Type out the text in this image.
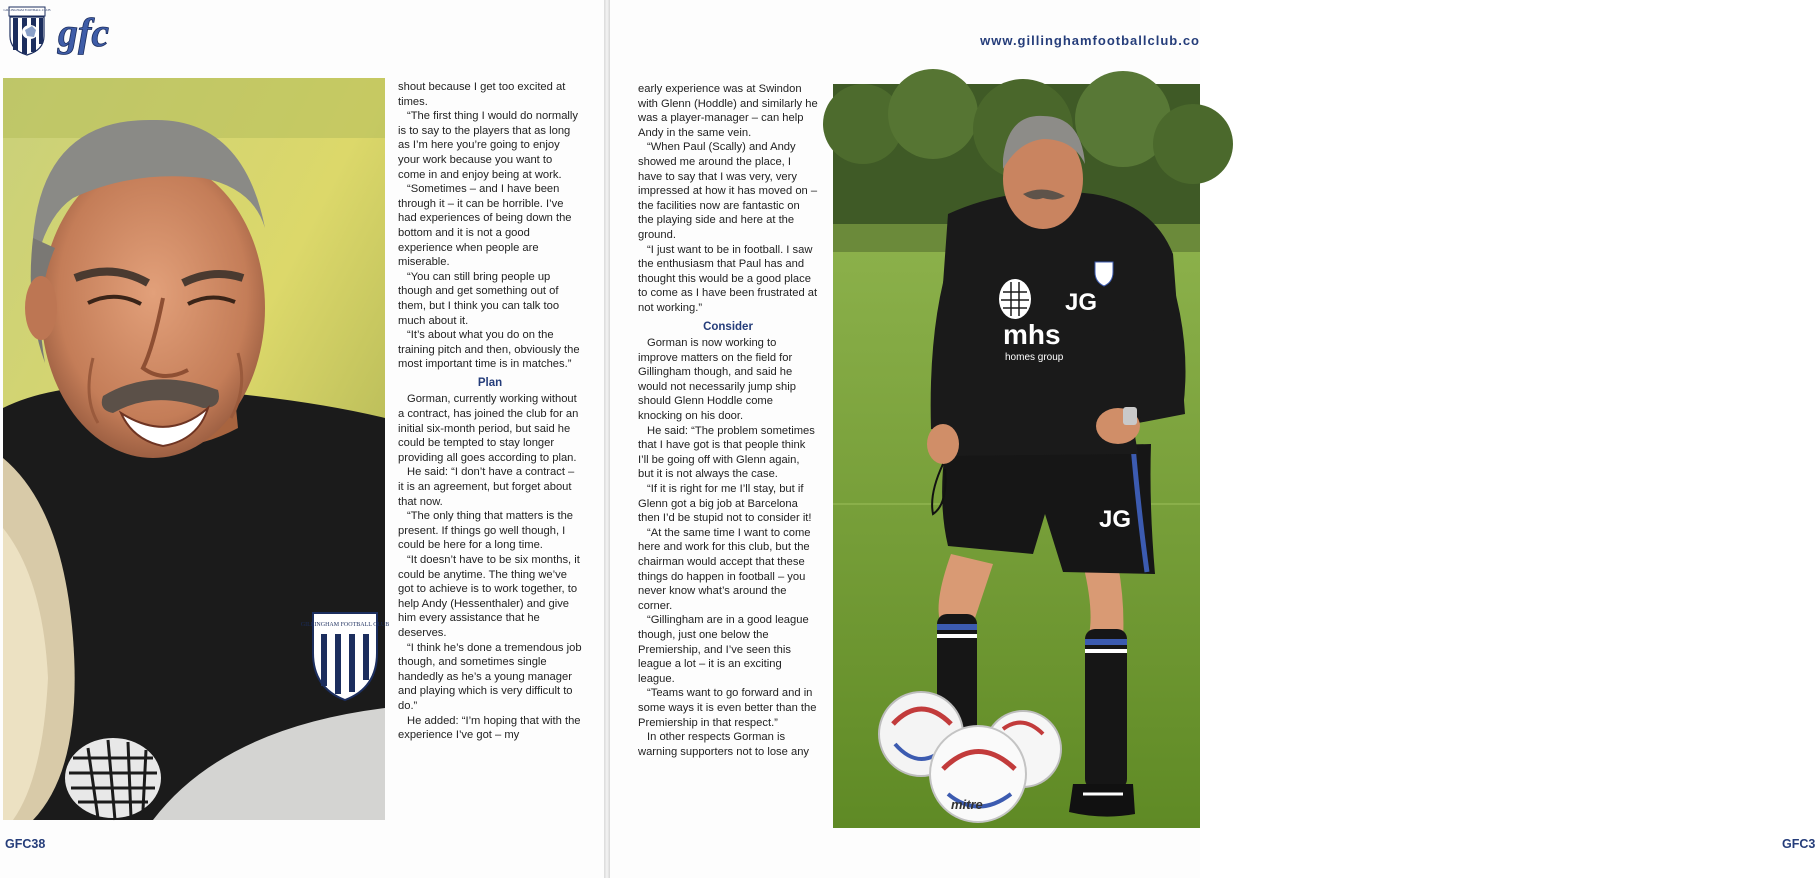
GILLINGHAM FOOTBALL CLUB gfc
GILLINGHAM FOOTBALL CLUB

shout because I get too excited at times.

“The first thing I would do normally is to say to the players that as long as I’m here you’re going to enjoy your work because you want to come in and enjoy being at work.

“Sometimes – and I have been through it – it can be horrible. I’ve had experiences of being down the bottom and it is not a good experience when people are miserable.

“You can still bring people up though and get something out of them, but I think you can talk too much about it.

“It’s about what you do on the training pitch and then, obviously the most important time is in matches.”

Plan

Gorman, currently working without a contract, has joined the club for an initial six-month period, but said he could be tempted to stay longer providing all goes according to plan.

He said: “I don’t have a contract – it is an agreement, but forget about that now.

“The only thing that matters is the present. If things go well though, I could be here for a long time.

“It doesn’t have to be six months, it could be anytime. The thing we’ve got to achieve is to work together, to help Andy (Hessenthaler) and give him every assistance that he deserves.

“I think he’s done a tremendous job though, and sometimes single handedly as he’s a young manager and playing which is very difficult to do.”

He added: “I’m hoping that with the experience I’ve got – my

GFC38
www.gillinghamfootballclub.co
GFC3

early experience was at Swindon with Glenn (Hoddle) and similarly he was a player-manager – can help Andy in the same vein.

“When Paul (Scally) and Andy showed me around the place, I have to say that I was very, very impressed at how it has moved on – the facilities now are fantastic on the playing side and here at the ground.

“I just want to be in football. I saw the enthusiasm that Paul has and thought this would be a good place to come as I have been frustrated at not working.”

Consider

Gorman is now working to improve matters on the field for Gillingham though, and said he would not necessarily jump ship should Glenn Hoddle come knocking on his door.

He said: “The problem sometimes that I have got is that people think I’ll be going off with Glenn again, but it is not always the case.

“If it is right for me I’ll stay, but if Glenn got a big job at Barcelona then I’d be stupid not to consider it!

“At the same time I want to come here and work for this club, but the chairman would accept that these things do happen in football – you never know what’s around the corner.

“Gillingham are in a good league though, just one below the Premiership, and I’ve seen this league a lot – it is an exciting league.

“Teams want to go forward and in some ways it is even better than the Premiership in that respect.”

In other respects Gorman is warning supporters not to lose any

JG
mhs
homes group
JG
mitre
